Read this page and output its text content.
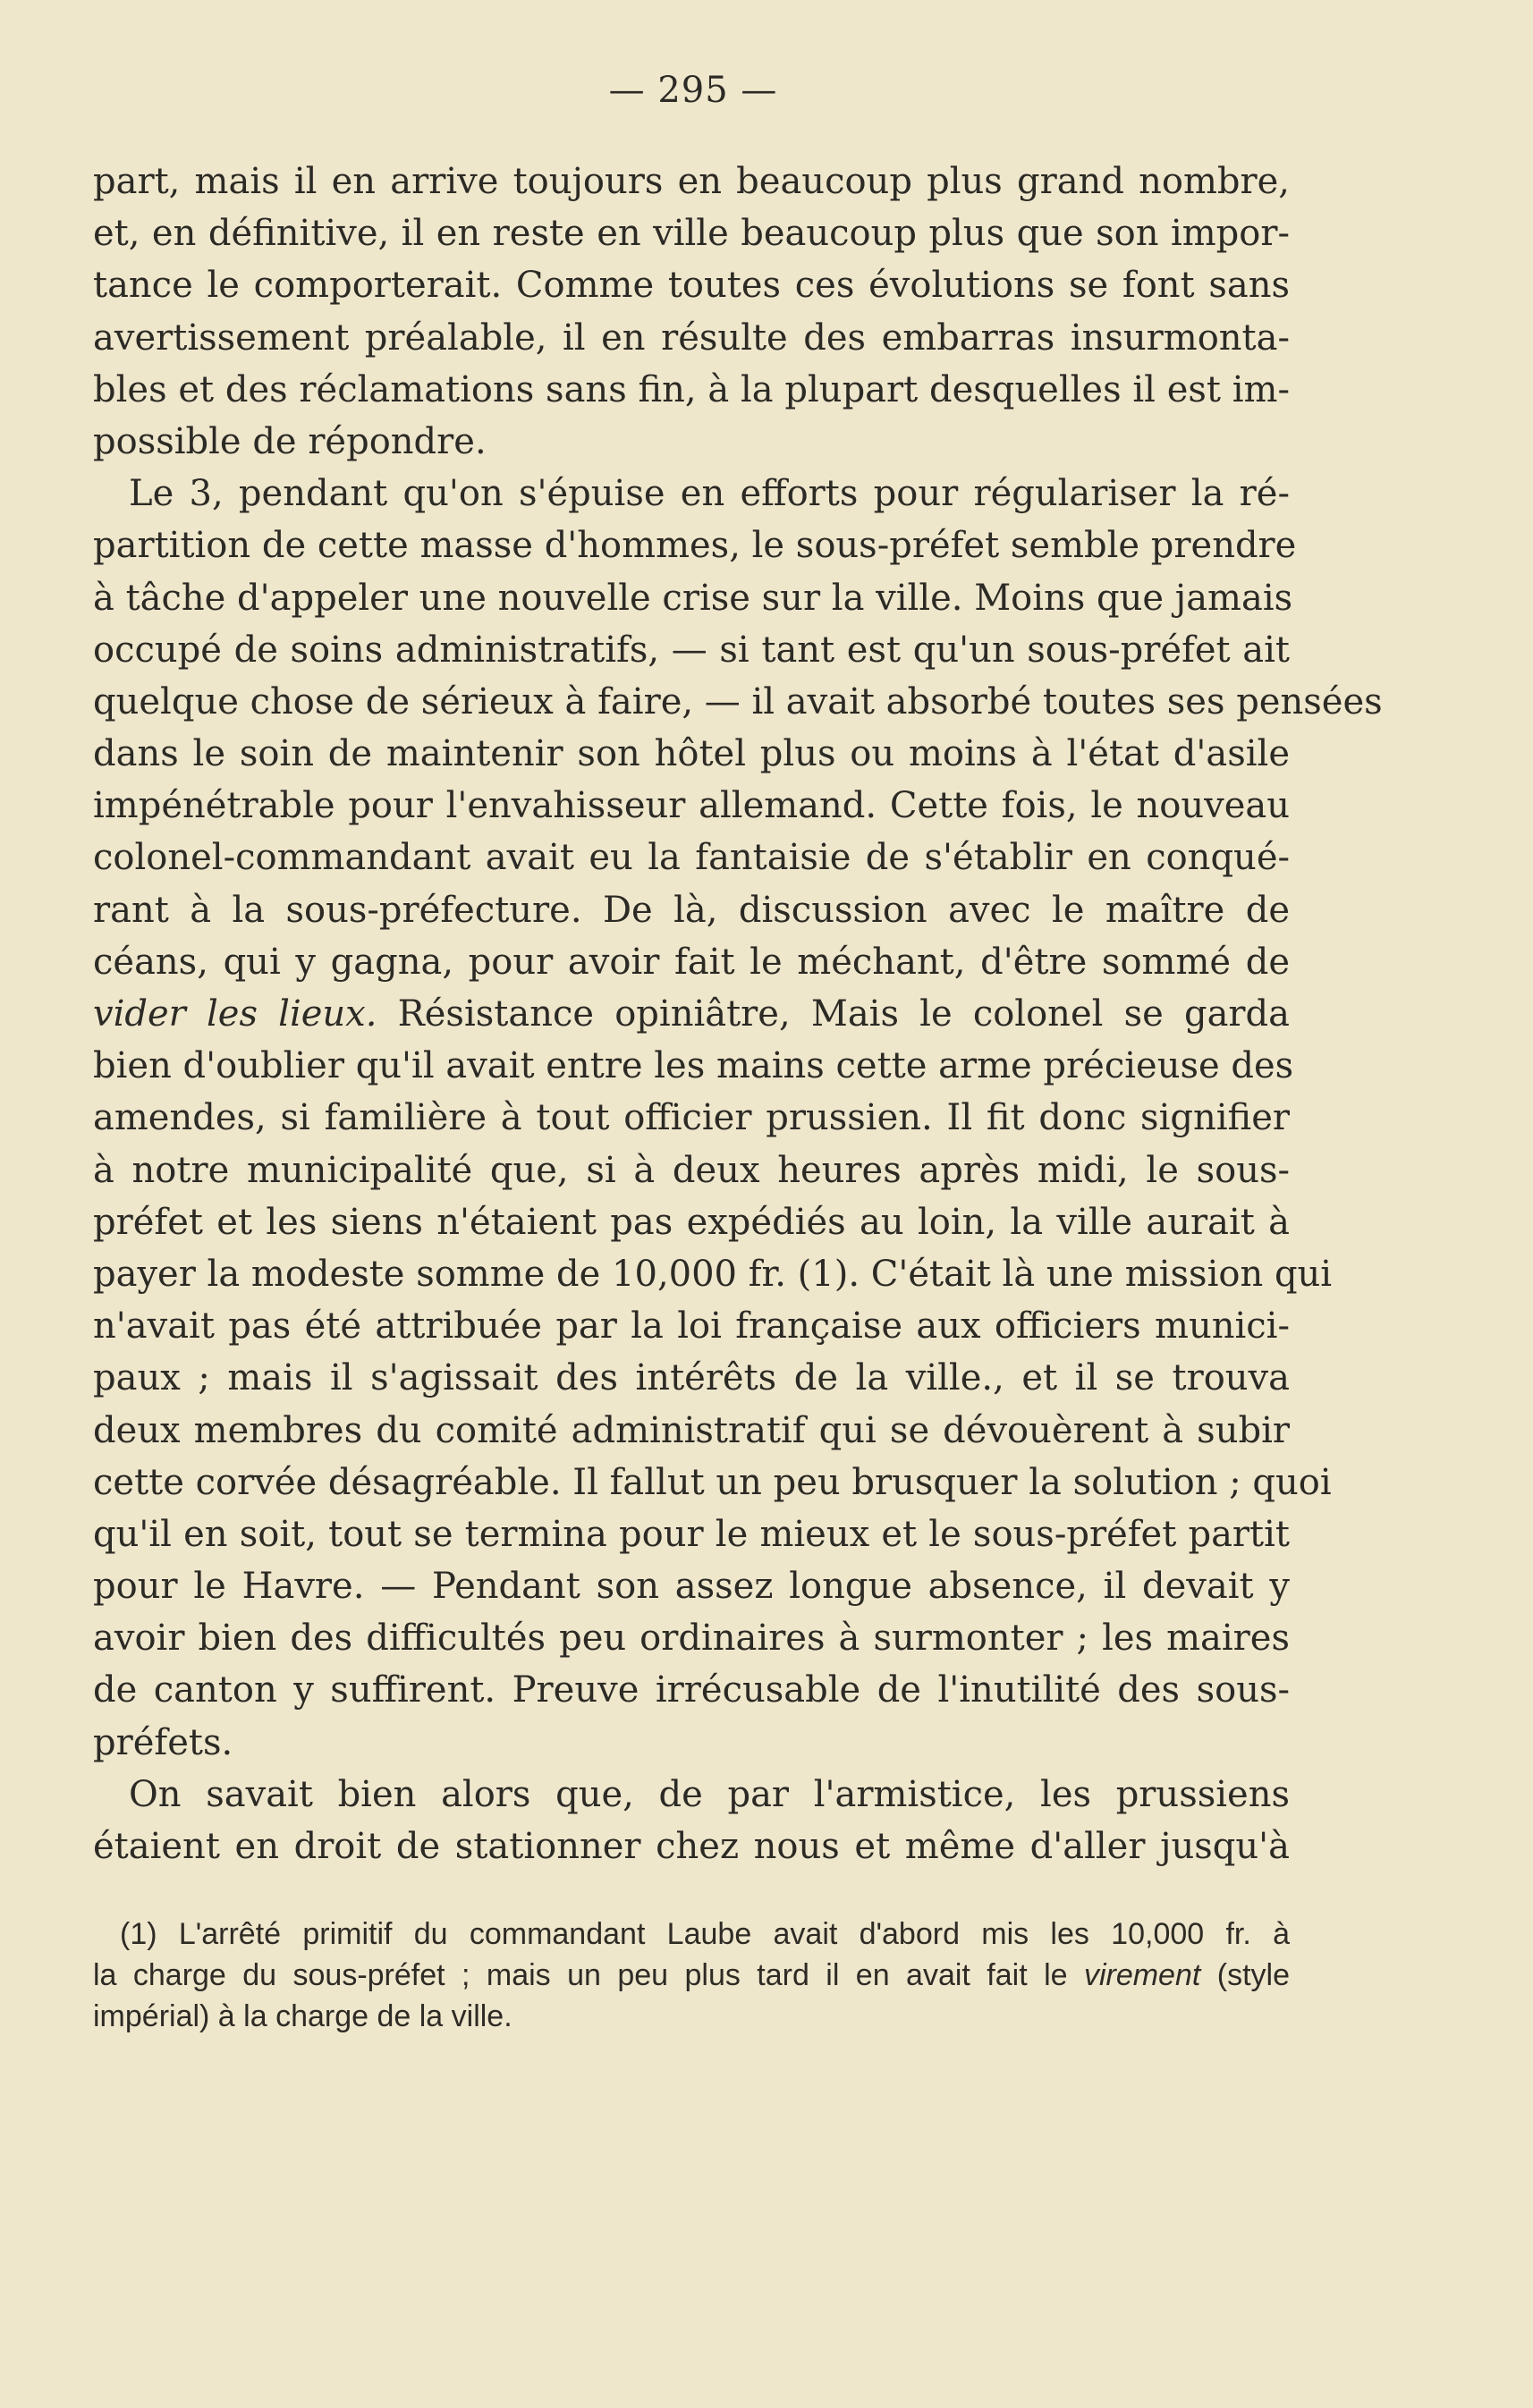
— 295 —
part, mais il en arrive toujours en beaucoup plus grand nombre,
et, en définitive, il en reste en ville beaucoup plus que son impor-
tance le comporterait. Comme toutes ces évolutions se font sans
avertissement préalable, il en résulte des embarras insurmonta-
bles et des réclamations sans fin, à la plupart desquelles il est im-
possible de répondre.
Le 3, pendant qu'on s'épuise en efforts pour régulariser la ré-
partition de cette masse d'hommes, le sous-préfet semble prendre
à tâche d'appeler une nouvelle crise sur la ville. Moins que jamais
occupé de soins administratifs, — si tant est qu'un sous-préfet ait
quelque chose de sérieux à faire, — il avait absorbé toutes ses pensées
dans le soin de maintenir son hôtel plus ou moins à l'état d'asile
impénétrable pour l'envahisseur allemand. Cette fois, le nouveau
colonel-commandant avait eu la fantaisie de s'établir en conqué-
rant à la sous-préfecture. De là, discussion avec le maître de
céans, qui y gagna, pour avoir fait le méchant, d'être sommé de
vider les lieux. Résistance opiniâtre, Mais le colonel se garda
bien d'oublier qu'il avait entre les mains cette arme précieuse des
amendes, si familière à tout officier prussien. Il fit donc signifier
à notre municipalité que, si à deux heures après midi, le sous-
préfet et les siens n'étaient pas expédiés au loin, la ville aurait à
payer la modeste somme de 10,000 fr. (1). C'était là une mission qui
n'avait pas été attribuée par la loi française aux officiers munici-
paux ; mais il s'agissait des intérêts de la ville., et il se trouva
deux membres du comité administratif qui se dévouèrent à subir
cette corvée désagréable. Il fallut un peu brusquer la solution ; quoi
qu'il en soit, tout se termina pour le mieux et le sous-préfet partit
pour le Havre. — Pendant son assez longue absence, il devait y
avoir bien des difficultés peu ordinaires à surmonter ; les maires
de canton y suffirent. Preuve irrécusable de l'inutilité des sous-
préfets.
On savait bien alors que, de par l'armistice, les prussiens
étaient en droit de stationner chez nous et même d'aller jusqu'à
(1) L'arrêté primitif du commandant Laube avait d'abord mis les 10,000 fr. à
la charge du sous-préfet ; mais un peu plus tard il en avait fait le virement (style
impérial) à la charge de la ville.
